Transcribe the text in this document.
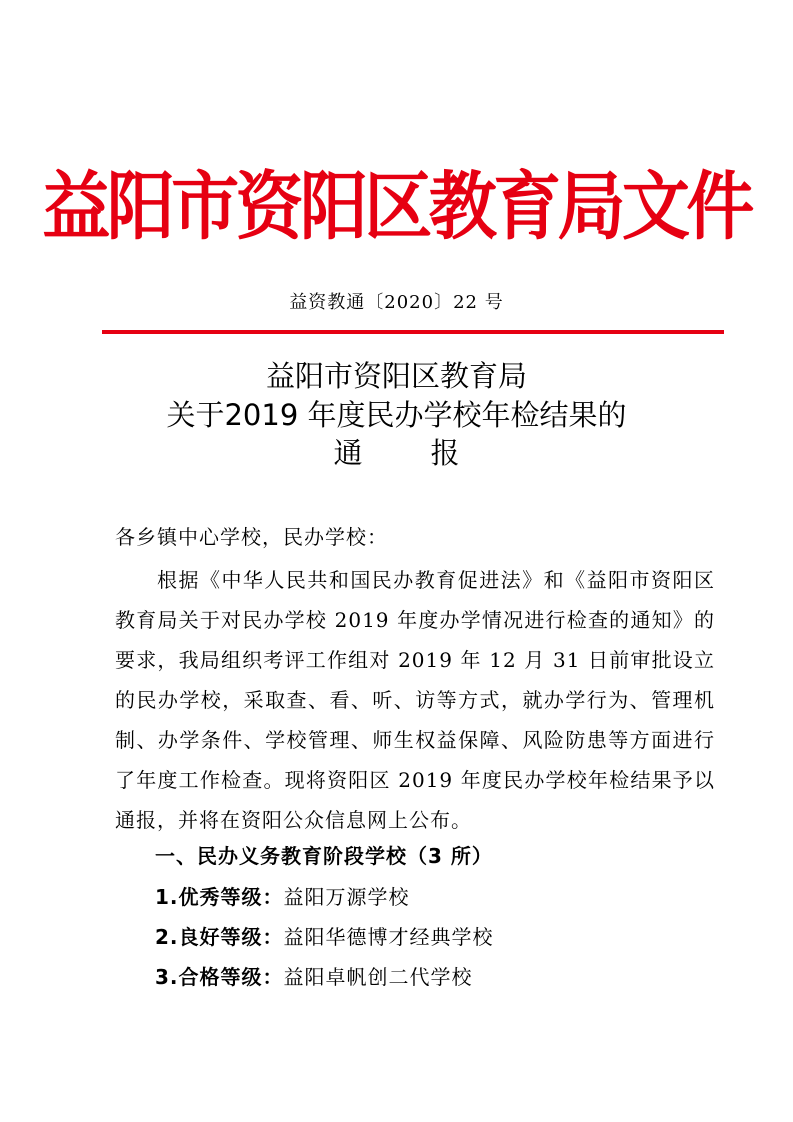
益阳市资阳区教育局文件
益资教通〔2020〕22 号
益阳市资阳区教育局
关于2019 年度民办学校年检结果的
通报
各乡镇中心学校，民办学校：
根据《中华人民共和国民办教育促进法》和《益阳市资阳区教育局关于对民办学校 2019 年度办学情况进行检查的通知》的要求，我局组织考评工作组对 2019 年 12 月 31 日前审批设立的民办学校，采取查、看、听、访等方式，就办学行为、管理机制、办学条件、学校管理、师生权益保障、风险防患等方面进行了年度工作检查。现将资阳区 2019 年度民办学校年检结果予以通报，并将在资阳公众信息网上公布。
一、民办义务教育阶段学校（3 所）
1.优秀等级：益阳万源学校
2.良好等级：益阳华德博才经典学校
3.合格等级：益阳卓帆创二代学校
